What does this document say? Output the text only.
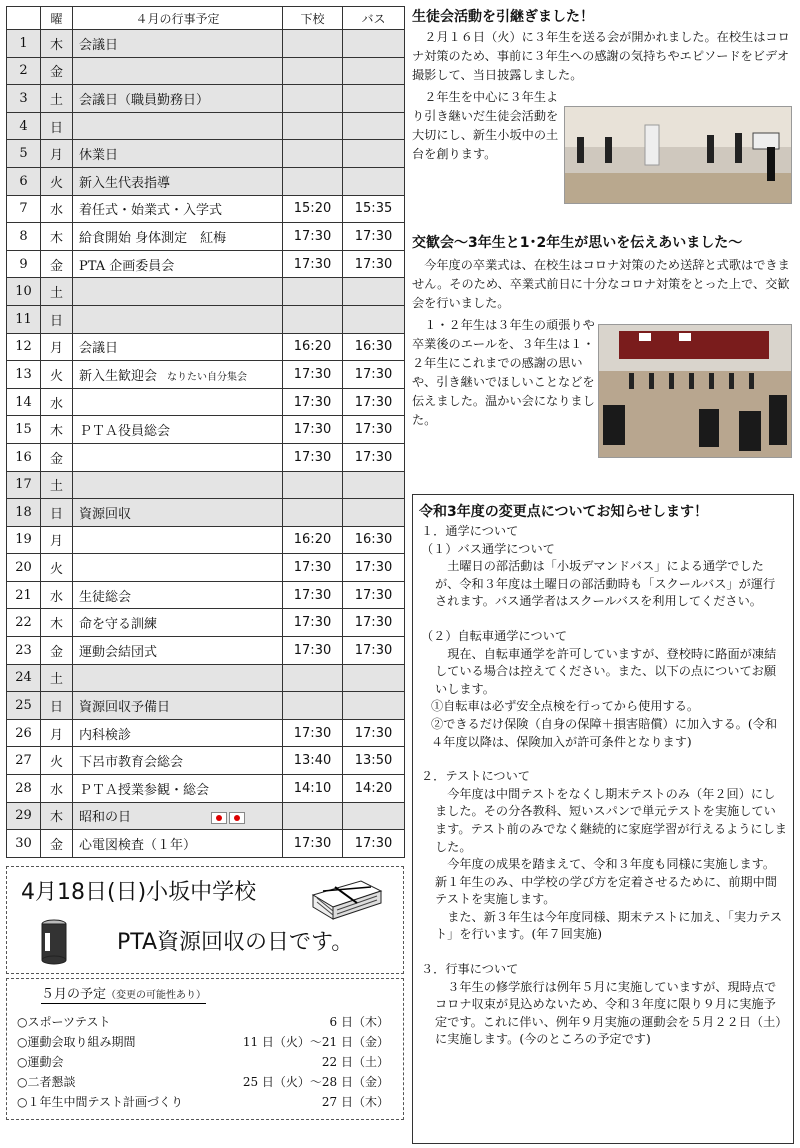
	曜	４月の行事予定	下校	バス
1	木	会議日		
2	金			
3	土	会議日（職員勤務日）		
4	日			
5	月	休業日		
6	火	新入生代表指導		
7	水	着任式・始業式・入学式	15:20	15:35
8	木	給食開始 身体測定　紅梅	17:30	17:30
9	金	PTA 企画委員会	17:30	17:30
10	土			
11	日			
12	月	会議日	16:20	16:30
13	火	新入生歓迎会 なりたい自分集会	17:30	17:30
14	水		17:30	17:30
15	木	ＰＴＡ役員総会	17:30	17:30
16	金		17:30	17:30
17	土			
18	日	資源回収		
19	月		16:20	16:30
20	火		17:30	17:30
21	水	生徒総会	17:30	17:30
22	木	命を守る訓練	17:30	17:30
23	金	運動会結団式	17:30	17:30
24	土			
25	日	資源回収予備日		
26	月	内科検診	17:30	17:30
27	火	下呂市教育会総会	13:40	13:50
28	水	ＰＴＡ授業参観・総会	14:10	14:20
29	木	昭和の日		
30	金	心電図検査（１年）	17:30	17:30
4月18日(日)小坂中学校
PTA資源回収の日です。
５月の予定（変更の可能性あり）
○スポーツテスト	6 日（木）
○運動会取り組み期間	11 日（火）～21 日（金）
○運動会	22 日（土）
○二者懇談	25 日（火）～28 日（金）
○１年生中間テスト計画づくり	27 日（木）
生徒会活動を引継ぎました！

２月１６日（火）に３年生を送る会が開かれました。在校生はコロナ対策のため、事前に３年生への感謝の気持ちやエピソードをビデオ撮影して、当日披露しました。

２年生を中心に３年生より引き継いだ生徒会活動を大切にし、新生小坂中の土台を創ります。

交歓会～3年生と1･2年生が思いを伝えあいました～

今年度の卒業式は、在校生はコロナ対策のため送辞と式歌はできません。そのため、卒業式前日に十分なコロナ対策をとった上で、交歓会を行いました。

１・２年生は３年生の頑張りや卒業後のエールを、３年生は１・２年生にこれまでの感謝の思いや、引き継いでほしいことなどを伝えました。温かい会になりました。

令和3年度の変更点についてお知らせします！

１．通学について

（１）バス通学について

土曜日の部活動は「小坂デマンドバス」による通学でしたが、令和３年度は土曜日の部活動時も「スクールバス」が運行されます。バス通学者はスクールバスを利用してください。

（２）自転車通学について

現在、自転車通学を許可していますが、登校時に路面が凍結している場合は控えてください。また、以下の点についてお願いします。

①自転車は必ず安全点検を行ってから使用する。

②できるだけ保険（自身の保障＋損害賠償）に加入する。(令和４年度以降は、保険加入が許可条件となります)

２．テストについて

今年度は中間テストをなくし期末テストのみ（年２回）にしました。その分各教科、短いスパンで単元テストを実施しています。テスト前のみでなく継続的に家庭学習が行えるようにしました。

今年度の成果を踏まえて、令和３年度も同様に実施します。新１年生のみ、中学校の学び方を定着させるために、前期中間テストを実施します。

また、新３年生は今年度同様、期末テストに加え、「実力テスト」を行います。(年７回実施)

３．行事について

３年生の修学旅行は例年５月に実施していますが、現時点でコロナ収束が見込めないため、令和３年度に限り９月に実施予定です。これに伴い、例年９月実施の運動会を５月２２日（土）に実施します。(今のところの予定です)
